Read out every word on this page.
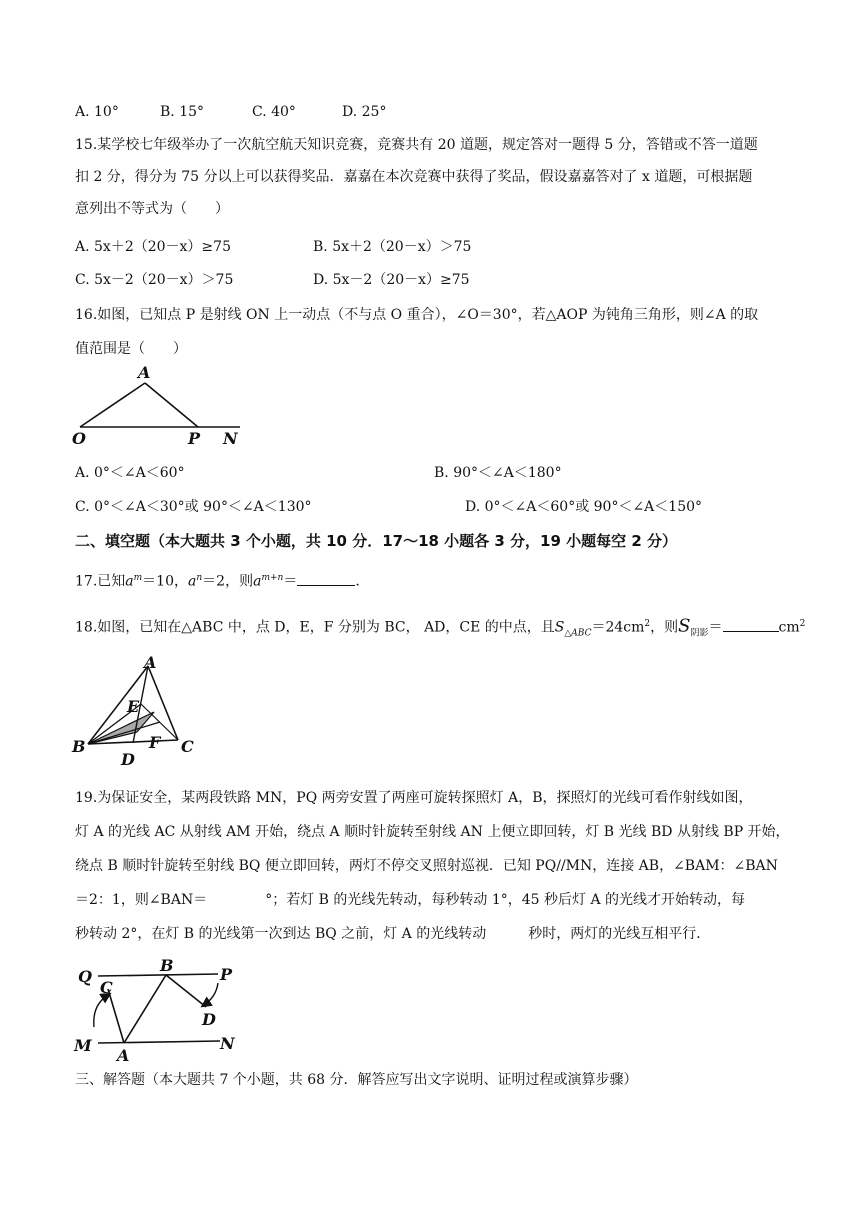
A. 10°	B. 15°	C. 40°	D. 25°
15.某学校七年级举办了一次航空航天知识竞赛，竞赛共有 20 道题，规定答对一题得 5 分，答错或不答一道题
扣 2 分，得分为 75 分以上可以获得奖品．嘉嘉在本次竞赛中获得了奖品，假设嘉嘉答对了 x 道题，可根据题
意列出不等式为（　　）
A. 5x＋2（20－x）≥75	B. 5x＋2（20－x）＞75
C. 5x－2（20－x）＞75	D. 5x－2（20－x）≥75
16.如图，已知点 P 是射线 ON 上一动点（不与点 O 重合），∠O＝30°，若△AOP 为钝角三角形，则∠A 的取
值范围是（　　）
A
O	P N
A. 0°＜∠A＜60°	B. 90°＜∠A＜180°
C. 0°＜∠A＜30°或 90°＜∠A＜130°	D. 0°＜∠A＜60°或 90°＜∠A＜150°
二、填空题（本大题共 3 个小题，共 10 分．17～18 小题各 3 分，19 小题每空 2 分）
17.已知$a^m=10$，$a^n=2$，则$a^{m+n}=$	.
18.如图，已知在△ABC 中，点 D，E，F 分别为 BC， AD，CE 的中点，且$S_{\triangle ABC}=24cm^2$，则$S_{阴影}=$	$cm^2$
A
B	C
D
E
F
19.为保证安全，某两段铁路 MN，PQ 两旁安置了两座可旋转探照灯 A，B，探照灯的光线可看作射线如图，
灯 A 的光线 AC 从射线 AM 开始，绕点 A 顺时针旋转至射线 AN 上便立即回转，灯 B 光线 BD 从射线 BP 开始，
绕点 B 顺时针旋转至射线 BQ 便立即回转，两灯不停交叉照射巡视．已知 PQ//MN，连接 AB，∠BAM：∠BAN
＝2：1，则∠BAN＝	°；若灯 B 的光线先转动，每秒转动 1°，45 秒后灯 A 的光线才开始转动，每
秒转动 2°，在灯 B 的光线第一次到达 BQ 之前，灯 A 的光线转动	秒时，两灯的光线互相平行．
Q
B	P
C
D
M
A
N
三、解答题（本大题共 7 个小题，共 68 分．解答应写出文字说明、证明过程或演算步骤）
